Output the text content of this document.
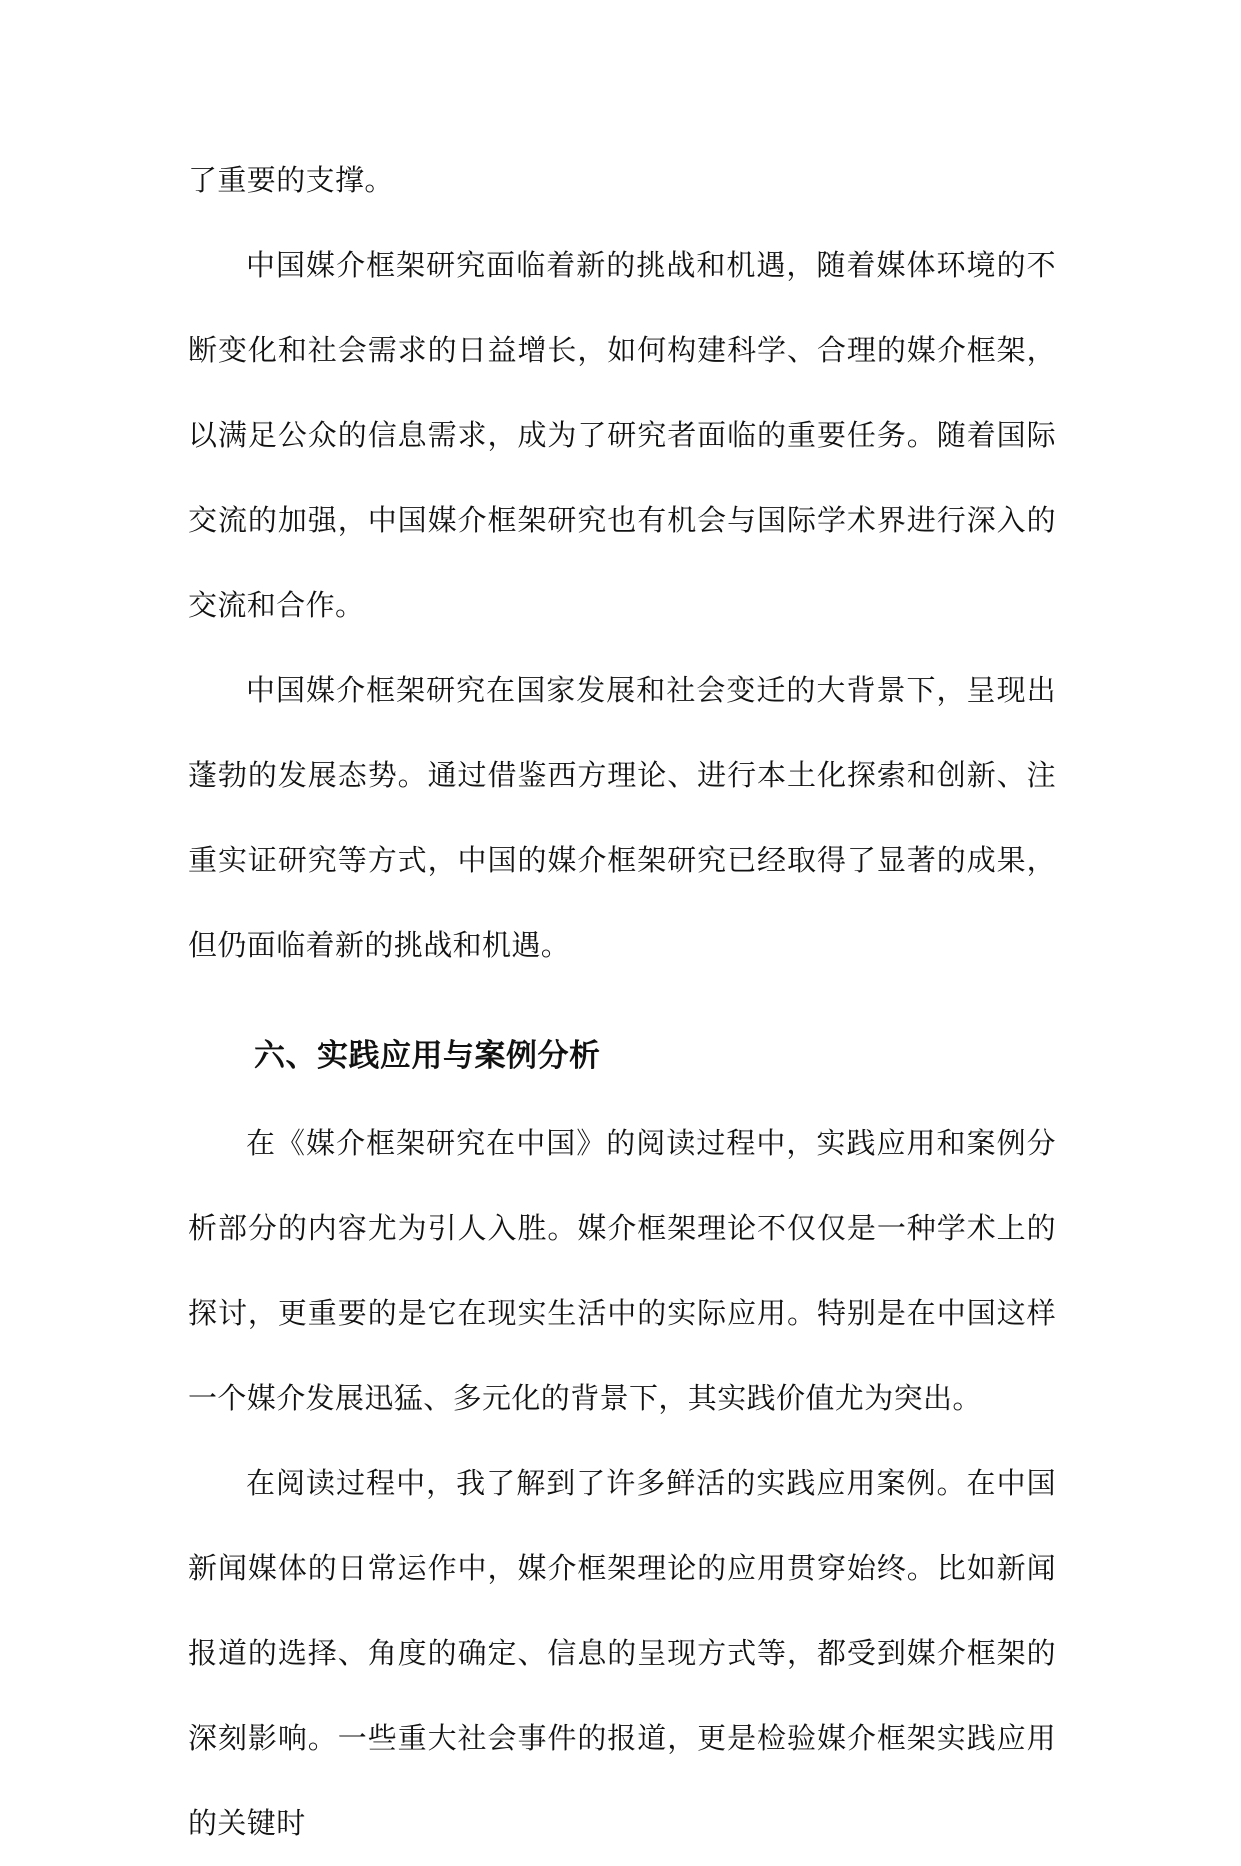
了重要的支撑。

中国媒介框架研究面临着新的挑战和机遇，随着媒体环境的不断变化和社会需求的日益增长，如何构建科学、合理的媒介框架，以满足公众的信息需求，成为了研究者面临的重要任务。随着国际交流的加强，中国媒介框架研究也有机会与国际学术界进行深入的交流和合作。

中国媒介框架研究在国家发展和社会变迁的大背景下，呈现出蓬勃的发展态势。通过借鉴西方理论、进行本土化探索和创新、注重实证研究等方式，中国的媒介框架研究已经取得了显著的成果，但仍面临着新的挑战和机遇。

六、实践应用与案例分析

在《媒介框架研究在中国》的阅读过程中，实践应用和案例分析部分的内容尤为引人入胜。媒介框架理论不仅仅是一种学术上的探讨，更重要的是它在现实生活中的实际应用。特别是在中国这样一个媒介发展迅猛、多元化的背景下，其实践价值尤为突出。

在阅读过程中，我了解到了许多鲜活的实践应用案例。在中国新闻媒体的日常运作中，媒介框架理论的应用贯穿始终。比如新闻报道的选择、角度的确定、信息的呈现方式等，都受到媒介框架的深刻影响。一些重大社会事件的报道，更是检验媒介框架实践应用的关键时
